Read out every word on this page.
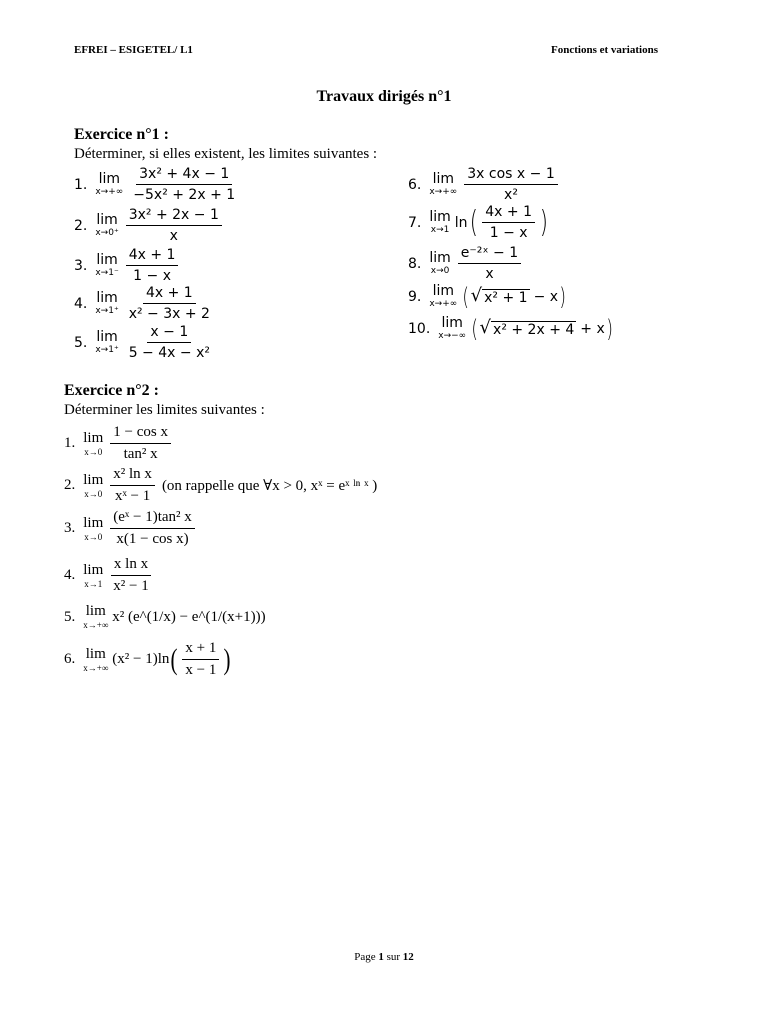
EFREI – ESIGETEL/ L1	Fonctions et variations
Travaux dirigés n°1
Exercice n°1 :
Déterminer, si elles existent, les limites suivantes :
1. lim
$x\to+\infty \frac{\text{3x² + 4x − 1}}{\text{−5x² + 2x + 1}}$
2. lim
$x\to 0^+ \frac{\text{3x² + 2x − 1}}{x}$
3. lim
$x\to 1^- \frac{4x + 1}{1 - x}$
4. lim
$x\to 1^+ \frac{4x + 1}{\text{x² − 3x + 2}}$
5. lim
$x\to 1^+ \frac{x - 1}{\text{5 − 4x − x²}}$
6. lim
$x\to+\infty \frac{\text{3x cos x − 1}}{\text{x²}}$
7. lim
x→1 ln ( $\frac{4x + 1}{1 - x}$ )
8. lim
$x\to 0 \frac{\text{e⁻²ˣ − 1}}{x}$
9. lim
x→+∞ ( √ x² + 1 − x )
10. lim
x→−∞ ( √ x² + 2x + 4 + x )
Exercice n°2 :
Déterminer les limites suivantes :
1. lim
$x\to 0 \frac{\text{1 − cos x}}{\text{tan² x}}$
2. lim
$x\to 0 \frac{\text{x² ln x}}{\text{xˣ − 1}} (on$ rappelle que ∀x > 0, xˣ = eˣ ˡⁿ ˣ )
3. lim
$x\to 0 \frac{\text{(eˣ − 1)tan² x}}{\text{x(1 − cos x)}}$
4. lim
$x\to 1 \frac{\text{x ln x}}{\text{x² − 1}}$
5. lim
x→+∞
x² (e^(1/x) − e^(1/(x+1)))
6. lim
x→+∞
(x² − 1)ln ( $\frac{x + 1}{x - 1}$ )
Page 1 sur 12
